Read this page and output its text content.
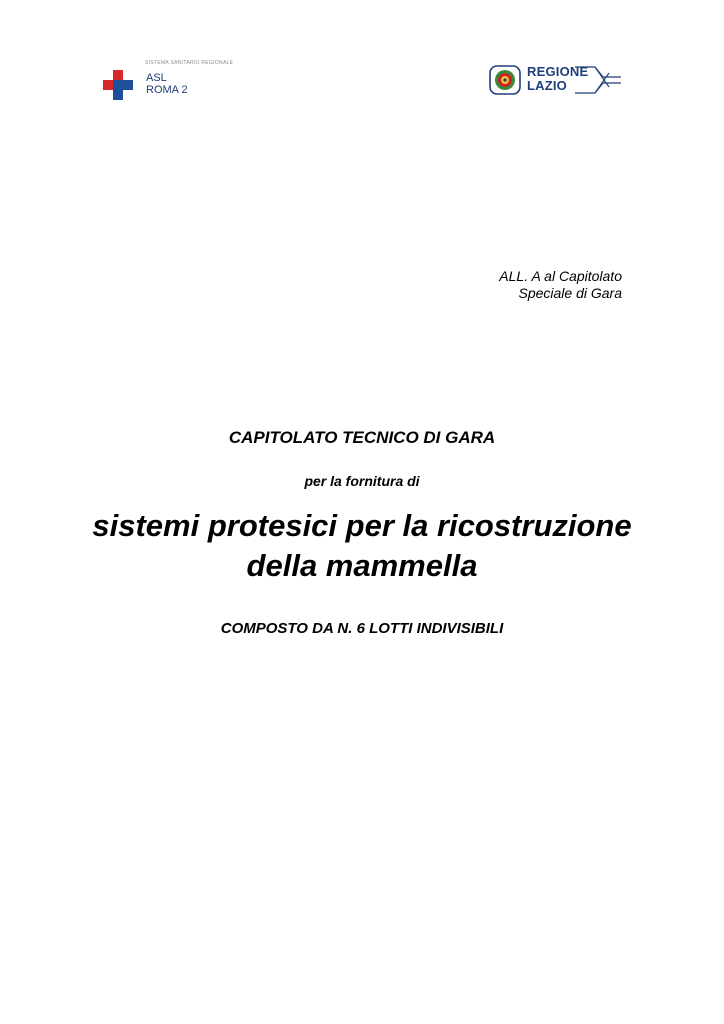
SISTEMA SANITARIO REGIONALE
ASL
ROMA 2
REGIONE
LAZIO
ALL. A al Capitolato
Speciale di Gara
CAPITOLATO TECNICO DI GARA
per la fornitura di
sistemi protesici per la ricostruzione
della mammella
COMPOSTO DA N. 6 LOTTI INDIVISIBILI
